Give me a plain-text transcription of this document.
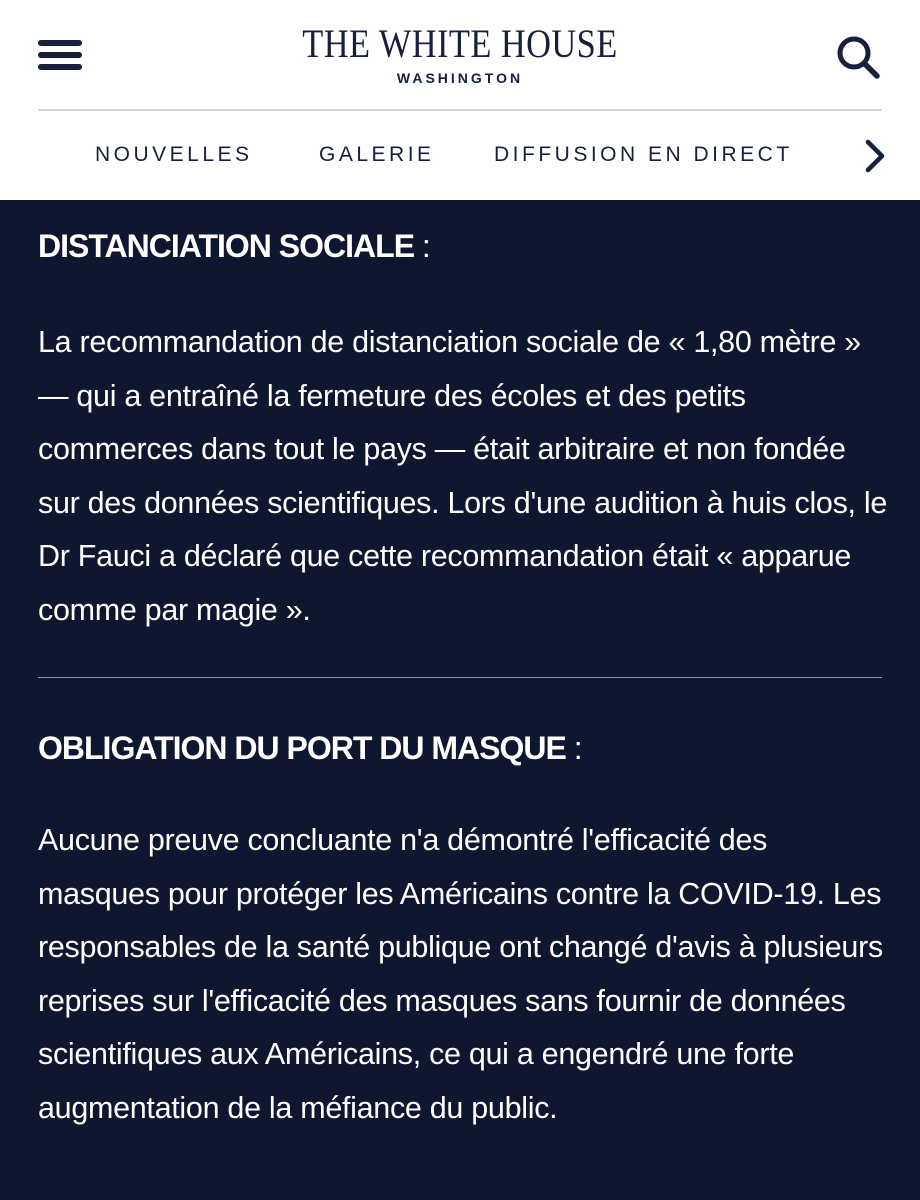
THE WHITE HOUSE
WASHINGTON
NOUVELLES	GALERIE	DIFFUSION EN DIRECT
DISTANCIATION SOCIALE :

La recommandation de distanciation sociale de « 1,80 mètre » — qui a entraîné la fermeture des écoles et des petits commerces dans tout le pays — était arbitraire et non fondée sur des données scientifiques. Lors d'une audition à huis clos, le Dr Fauci a déclaré que cette recommandation était « apparue comme par magie ».

OBLIGATION DU PORT DU MASQUE :

Aucune preuve concluante n'a démontré l'efficacité des masques pour protéger les Américains contre la COVID-19. Les responsables de la santé publique ont changé d'avis à plusieurs reprises sur l'efficacité des masques sans fournir de données scientifiques aux Américains, ce qui a engendré une forte augmentation de la méfiance du public.
